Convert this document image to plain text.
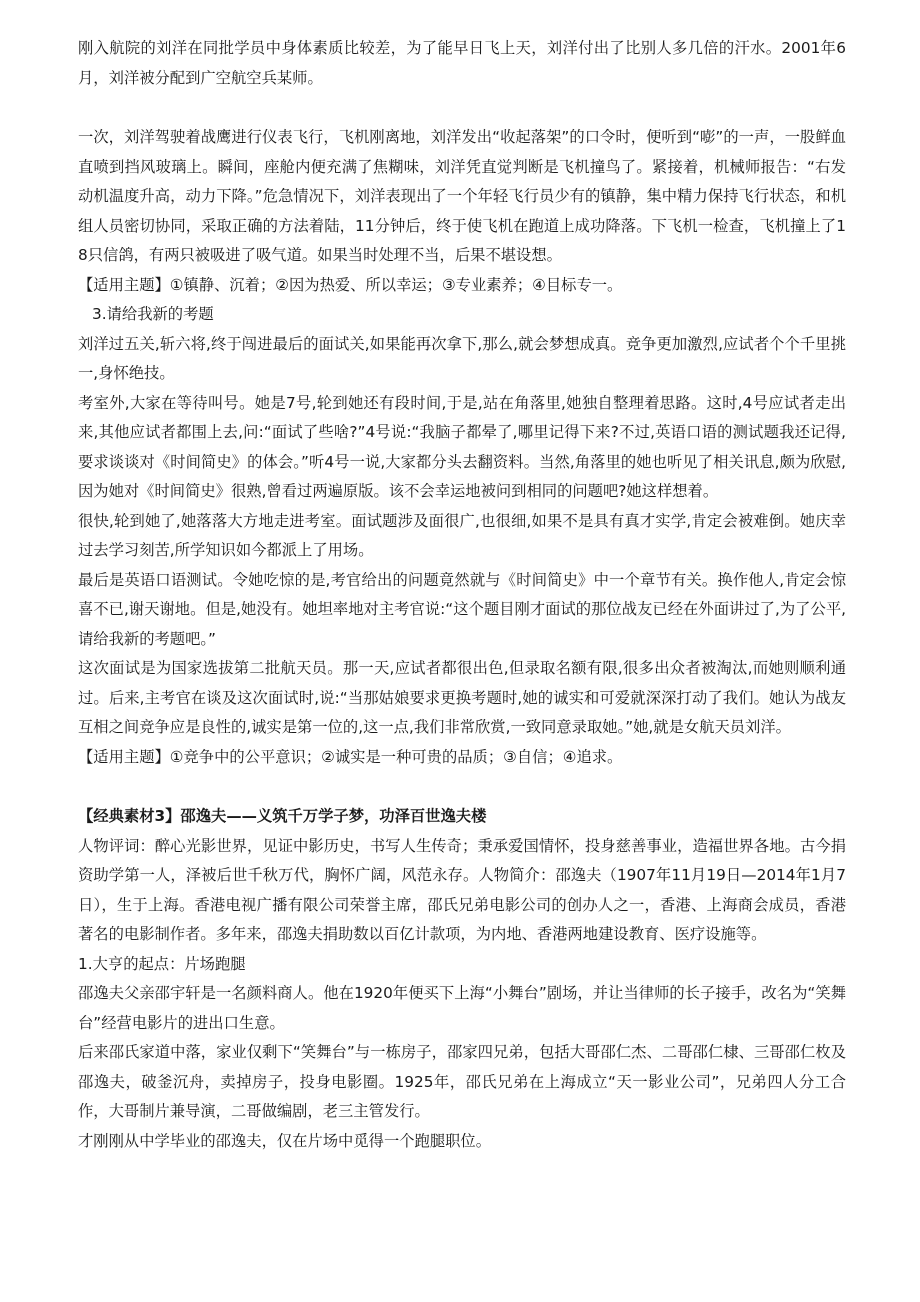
刚入航院的刘洋在同批学员中身体素质比较差，为了能早日飞上天，刘洋付出了比别人多几倍的汗水。2001年6月，刘洋被分配到广空航空兵某师。

一次，刘洋驾驶着战鹰进行仪表飞行，飞机刚离地，刘洋发出“收起落架”的口令时，便听到“嘭”的一声，一股鲜血直喷到挡风玻璃上。瞬间，座舱内便充满了焦糊味，刘洋凭直觉判断是飞机撞鸟了。紧接着，机械师报告：“右发动机温度升高，动力下降。”危急情况下，刘洋表现出了一个年轻飞行员少有的镇静，集中精力保持飞行状态，和机组人员密切协同，采取正确的方法着陆，11分钟后，终于使飞机在跑道上成功降落。下飞机一检查，飞机撞上了18只信鸽，有两只被吸进了吸气道。如果当时处理不当，后果不堪设想。

【适用主题】①镇静、沉着；②因为热爱、所以幸运；③专业素养；④目标专一。

3.请给我新的考题

刘洋过五关,斩六将,终于闯进最后的面试关,如果能再次拿下,那么,就会梦想成真。竞争更加激烈,应试者个个千里挑一,身怀绝技。

考室外,大家在等待叫号。她是7号,轮到她还有段时间,于是,站在角落里,她独自整理着思路。这时,4号应试者走出来,其他应试者都围上去,问:“面试了些啥?”4号说:“我脑子都晕了,哪里记得下来?不过,英语口语的测试题我还记得,要求谈谈对《时间简史》的体会。”听4号一说,大家都分头去翻资料。当然,角落里的她也听见了相关讯息,颇为欣慰,因为她对《时间简史》很熟,曾看过两遍原版。该不会幸运地被问到相同的问题吧?她这样想着。

很快,轮到她了,她落落大方地走进考室。面试题涉及面很广,也很细,如果不是具有真才实学,肯定会被难倒。她庆幸过去学习刻苦,所学知识如今都派上了用场。

最后是英语口语测试。令她吃惊的是,考官给出的问题竟然就与《时间简史》中一个章节有关。换作他人,肯定会惊喜不已,谢天谢地。但是,她没有。她坦率地对主考官说:“这个题目刚才面试的那位战友已经在外面讲过了,为了公平,请给我新的考题吧。”

这次面试是为国家选拔第二批航天员。那一天,应试者都很出色,但录取名额有限,很多出众者被淘汰,而她则顺利通过。后来,主考官在谈及这次面试时,说:“当那姑娘要求更换考题时,她的诚实和可爱就深深打动了我们。她认为战友互相之间竞争应是良性的,诚实是第一位的,这一点,我们非常欣赏,一致同意录取她。”她,就是女航天员刘洋。

【适用主题】①竞争中的公平意识；②诚实是一种可贵的品质；③自信；④追求。

【经典素材3】邵逸夫——义筑千万学子梦，功泽百世逸夫楼

人物评词：醉心光影世界，见证中影历史，书写人生传奇；秉承爱国情怀，投身慈善事业，造福世界各地。古今捐资助学第一人，泽被后世千秋万代，胸怀广阔，风范永存。人物简介：邵逸夫（1907年11月19日—2014年1月7日），生于上海。香港电视广播有限公司荣誉主席，邵氏兄弟电影公司的创办人之一，香港、上海商会成员，香港著名的电影制作者。多年来，邵逸夫捐助数以百亿计款项，为内地、香港两地建设教育、医疗设施等。

1.大亨的起点：片场跑腿

邵逸夫父亲邵宇轩是一名颜料商人。他在1920年便买下上海“小舞台”剧场，并让当律师的长子接手，改名为“笑舞台”经营电影片的进出口生意。

后来邵氏家道中落，家业仅剩下“笑舞台”与一栋房子，邵家四兄弟，包括大哥邵仁杰、二哥邵仁棣、三哥邵仁枚及邵逸夫，破釜沉舟，卖掉房子，投身电影圈。1925年，邵氏兄弟在上海成立“天一影业公司”，兄弟四人分工合作，大哥制片兼导演，二哥做编剧，老三主管发行。

才刚刚从中学毕业的邵逸夫，仅在片场中觅得一个跑腿职位。
